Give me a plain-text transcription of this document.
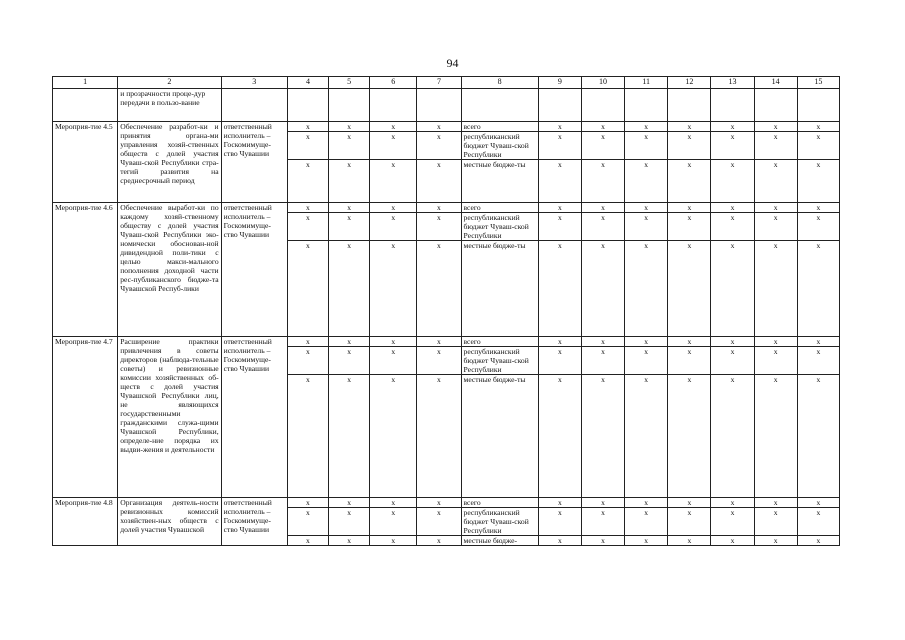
94
1	2	3	4	5	6	7	8	9	10	11	12	13	14	15
	и прозрачности проце-дур передачи в пользо-вание													
Мероприя-тие 4.5	Обеспечение разработ-ки и принятия органа-ми управления хозяй-ственных обществ с долей участия Чуваш-ской Республики стра-тегий развития на среднесрочный период	ответственный исполнитель – Госкомимуще-ство Чувашии	x	x	x	x	всего	x	x	x	x	x	x	x
			x	x	x	x	республиканский бюджет Чуваш-ской Республики	x	x	x	x	x	x	x
			x	x	x	x	местные бюдже-ты	x	x	x	x	x	x	x
Мероприя-тие 4.6	Обеспечение выработ-ки по каждому хозяй-ственному обществу с долей участия Чуваш-ской Республики эко-номически обоснован-ной дивидендной поли-тики с целью макси-мального пополнения доходной части рес-публиканского бюдже-та Чувашской Респуб-лики	ответственный исполнитель – Госкомимуще-ство Чувашии	x	x	x	x	всего	x	x	x	x	x	x	x
			x	x	x	x	республиканский бюджет Чуваш-ской Республики	x	x	x	x	x	x	x
			x	x	x	x	местные бюдже-ты	x	x	x	x	x	x	x
Мероприя-тие 4.7	Расширение практики привлечения в советы директоров (наблюда-тельные советы) и ревизионные комиссии хозяйственных об-ществ с долей участия Чувашской Республики лиц, не являющихся государственными гражданскими служа-щими Чувашской Республики, определе-ние порядка их выдви-жения и деятельности	ответственный исполнитель – Госкомимуще-ство Чувашии	x	x	x	x	всего	x	x	x	x	x	x	x
			x	x	x	x	республиканский бюджет Чуваш-ской Республики	x	x	x	x	x	x	x
			x	x	x	x	местные бюдже-ты	x	x	x	x	x	x	x
Мероприя-тие 4.8	Организация деятель-ности ревизионных комиссий хозяйствен-ных обществ с долей участия Чувашской	ответственный исполнитель – Госкомимуще-ство Чувашии	x	x	x	x	всего	x	x	x	x	x	x	x
			x	x	x	x	республиканский бюджет Чуваш-ской Республики	x	x	x	x	x	x	x
			x	x	x	x	местные бюдже-	x	x	x	x	x	x	x
